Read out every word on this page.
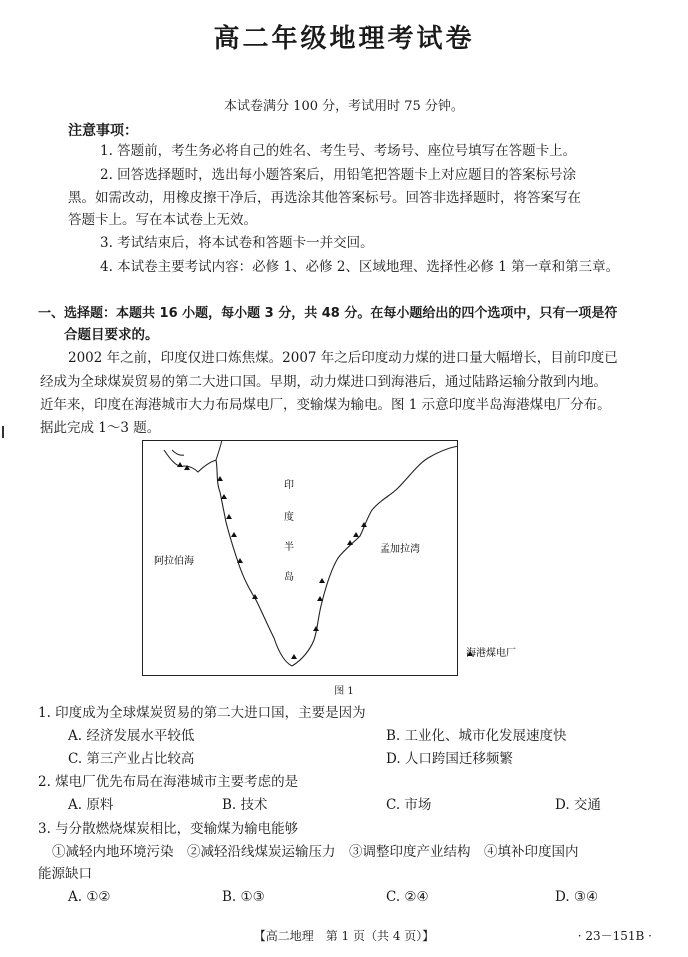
高二年级地理考试卷
本试卷满分 100 分，考试用时 75 分钟。
注意事项：
1. 答题前，考生务必将自己的姓名、考生号、考场号、座位号填写在答题卡上。
2. 回答选择题时，选出每小题答案后，用铅笔把答题卡上对应题目的答案标号涂
黑。如需改动，用橡皮擦干净后，再选涂其他答案标号。回答非选择题时，将答案写在
答题卡上。写在本试卷上无效。
3. 考试结束后，将本试卷和答题卡一并交回。
4. 本试卷主要考试内容：必修 1、必修 2、区域地理、选择性必修 1 第一章和第三章。
一、选择题：本题共 16 小题，每小题 3 分，共 48 分。在每小题给出的四个选项中，只有一项是符
合题目要求的。
2002 年之前，印度仅进口炼焦煤。2007 年之后印度动力煤的进口量大幅增长，目前印度已
经成为全球煤炭贸易的第二大进口国。早期，动力煤进口到海港后，通过陆路运输分散到内地。
近年来，印度在海港城市大力布局煤电厂，变输煤为输电。图 1 示意印度半岛海港煤电厂分布。
据此完成 1～3 题。
印
度
半
岛
阿拉伯海
孟加拉湾
海港煤电厂
图 1
1. 印度成为全球煤炭贸易的第二大进口国，主要是因为
A. 经济发展水平较低	B. 工业化、城市化发展速度快
C. 第三产业占比较高	D. 人口跨国迁移频繁
2. 煤电厂优先布局在海港城市主要考虑的是
A. 原料	B. 技术	C. 市场	D. 交通
3. 与分散燃烧煤炭相比，变输煤为输电能够
①减轻内地环境污染　②减轻沿线煤炭运输压力　③调整印度产业结构　④填补印度国内
能源缺口
A. ①②	B. ①③	C. ②④	D. ③④
【高二地理　第 1 页（共 4 页）】	· 23－151B ·
